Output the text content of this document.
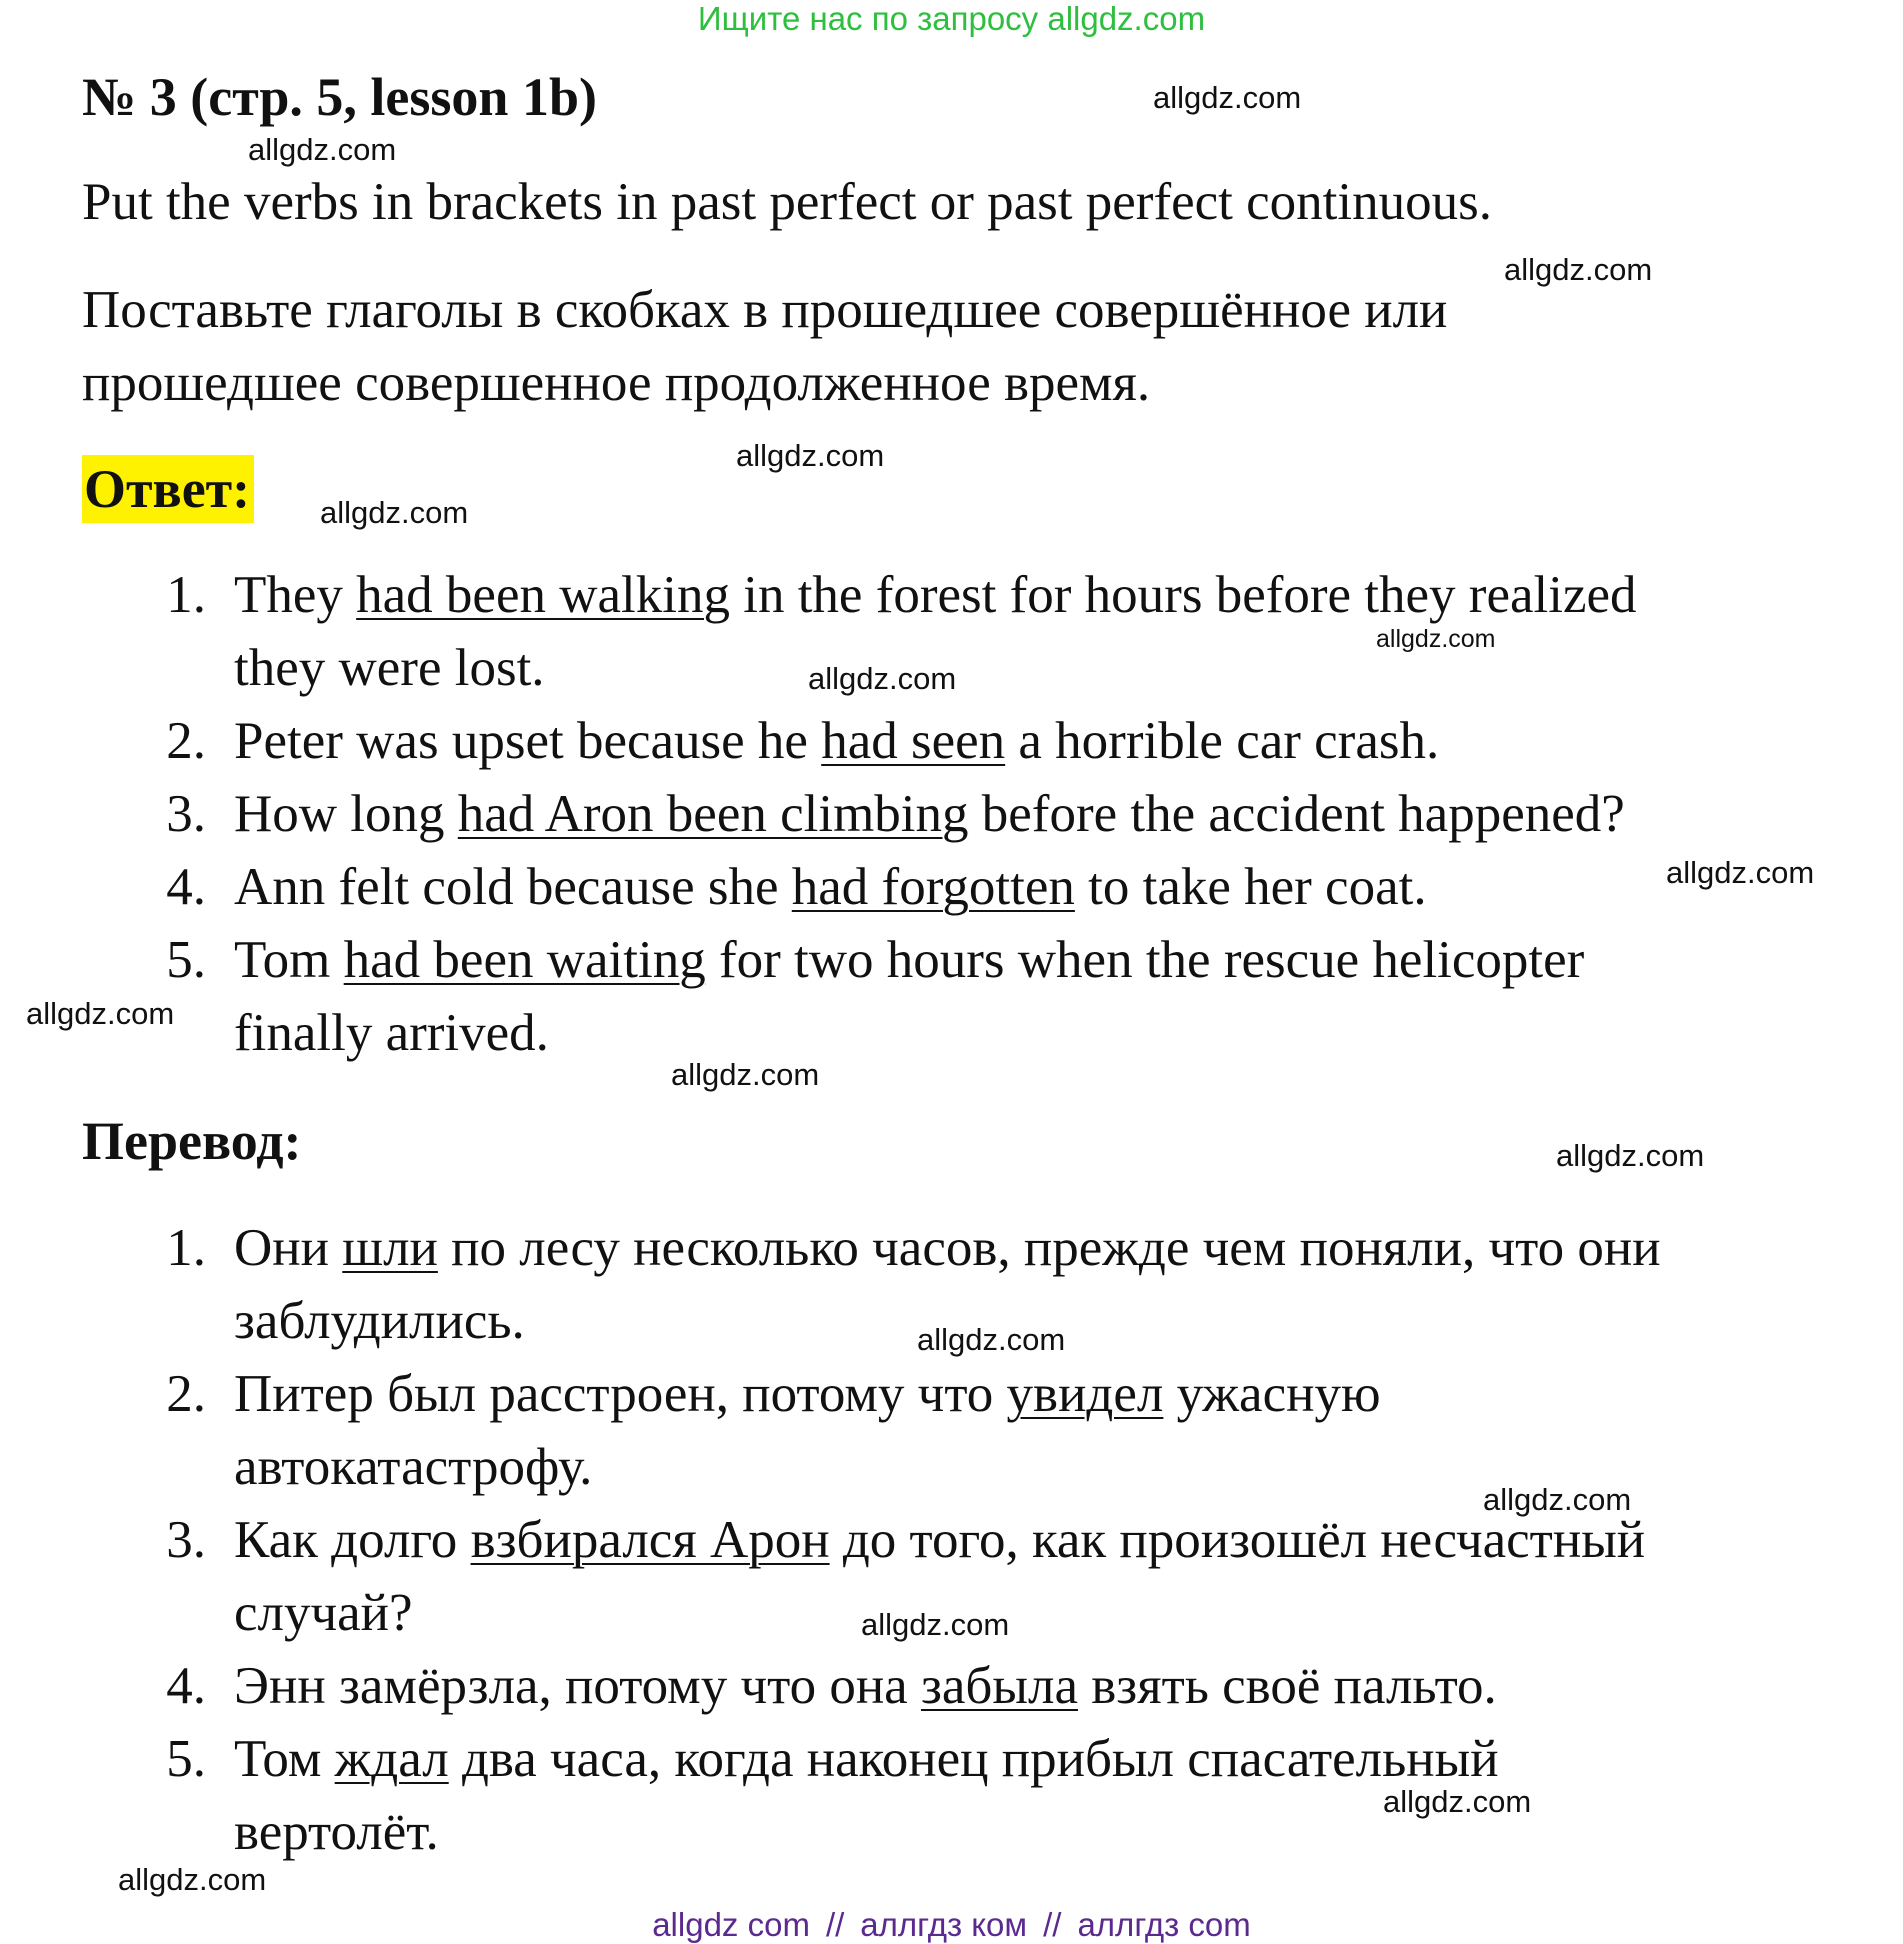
Ищите нас по запросу allgdz.com
№ 3 (стр. 5, lesson 1b)	allgdz.com
allgdz.com
allgdz.com
allgdz.com
allgdz.com
allgdz.com
allgdz.com
allgdz.com
allgdz.com
allgdz.com
allgdz.com
allgdz.com
allgdz.com
allgdz.com
allgdz.com
allgdz.com
Put the verbs in brackets in past perfect or past perfect continuous.
Поставьте глаголы в скобках в прошедшее совершённое или
прошедшее совершенное продолженное время.
Ответ:
1. They had been walking in the forest for hours before they realized
they were lost.
2. Peter was upset because he had seen a horrible car crash.
3. How long had Aron been climbing before the accident happened?
4. Ann felt cold because she had forgotten to take her coat.
5. Tom had been waiting for two hours when the rescue helicopter
finally arrived.
Перевод:
1. Они шли по лесу несколько часов, прежде чем поняли, что они
заблудились.
2. Питер был расстроен, потому что увидел ужасную
автокатастрофу.
3. Как долго взбирался Арон до того, как произошёл несчастный
случай?
4. Энн замёрзла, потому что она забыла взять своё пальто.
5. Том ждал два часа, когда наконец прибыл спасательный
вертолёт.
allgdz com // аллгдз ком // аллгдз com
